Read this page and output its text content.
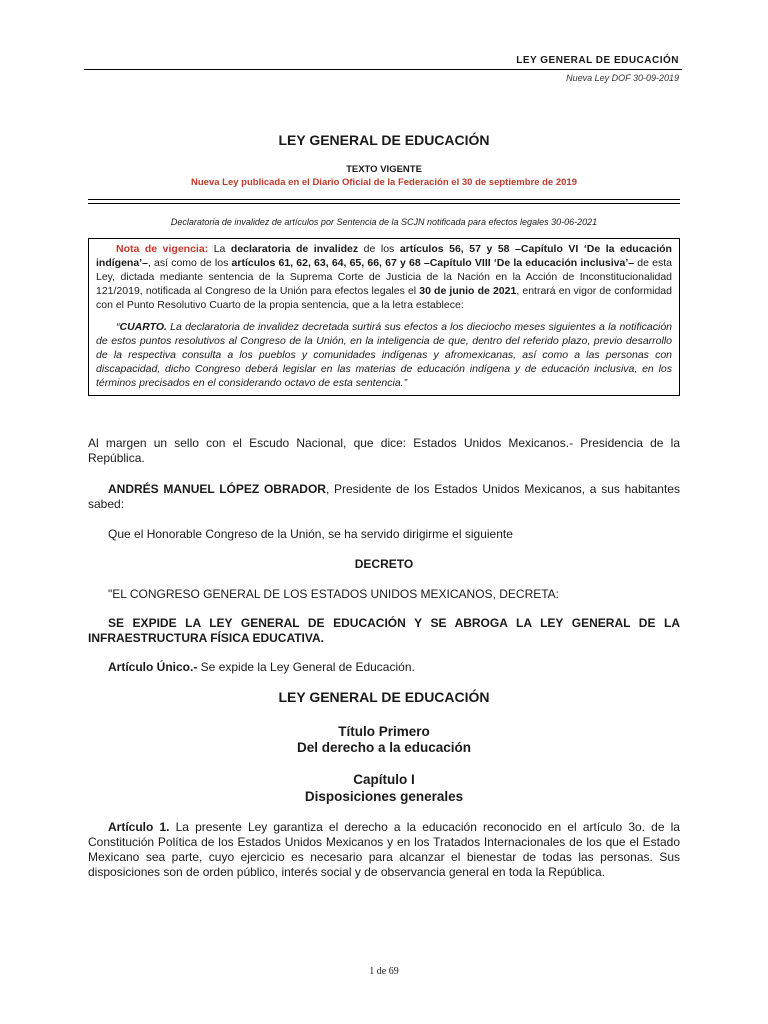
LEY GENERAL DE EDUCACIÓN
Nueva Ley DOF 30-09-2019
LEY GENERAL DE EDUCACIÓN
TEXTO VIGENTE
Nueva Ley publicada en el Diario Oficial de la Federación el 30 de septiembre de 2019
Declaratoria de invalidez de artículos por Sentencia de la SCJN notificada para efectos legales 30-06-2021

Nota de vigencia: La declaratoria de invalidez de los artículos 56, 57 y 58 –Capítulo VI ‘De la educación indígena’–, así como de los artículos 61, 62, 63, 64, 65, 66, 67 y 68 –Capítulo VIII ‘De la educación inclusiva’– de esta Ley, dictada mediante sentencia de la Suprema Corte de Justicia de la Nación en la Acción de Inconstitucionalidad 121/2019, notificada al Congreso de la Unión para efectos legales el 30 de junio de 2021, entrará en vigor de conformidad con el Punto Resolutivo Cuarto de la propia sentencia, que a la letra establece:

“CUARTO. La declaratoria de invalidez decretada surtirá sus efectos a los dieciocho meses siguientes a la notificación de estos puntos resolutivos al Congreso de la Unión, en la inteligencia de que, dentro del referido plazo, previo desarrollo de la respectiva consulta a los pueblos y comunidades indígenas y afromexicanas, así como a las personas con discapacidad, dicho Congreso deberá legislar en las materias de educación indígena y de educación inclusiva, en los términos precisados en el considerando octavo de esta sentencia.”

Al margen un sello con el Escudo Nacional, que dice: Estados Unidos Mexicanos.- Presidencia de la República.

ANDRÉS MANUEL LÓPEZ OBRADOR, Presidente de los Estados Unidos Mexicanos, a sus habitantes sabed:

Que el Honorable Congreso de la Unión, se ha servido dirigirme el siguiente

DECRETO

"EL CONGRESO GENERAL DE LOS ESTADOS UNIDOS MEXICANOS, DECRETA:

SE EXPIDE LA LEY GENERAL DE EDUCACIÓN Y SE ABROGA LA LEY GENERAL DE LA INFRAESTRUCTURA FÍSICA EDUCATIVA.

Artículo Único.- Se expide la Ley General de Educación.

LEY GENERAL DE EDUCACIÓN
Título Primero
Del derecho a la educación
Capítulo I
Disposiciones generales

Artículo 1. La presente Ley garantiza el derecho a la educación reconocido en el artículo 3o. de la Constitución Política de los Estados Unidos Mexicanos y en los Tratados Internacionales de los que el Estado Mexicano sea parte, cuyo ejercicio es necesario para alcanzar el bienestar de todas las personas. Sus disposiciones son de orden público, interés social y de observancia general en toda la República.

1 de 69
